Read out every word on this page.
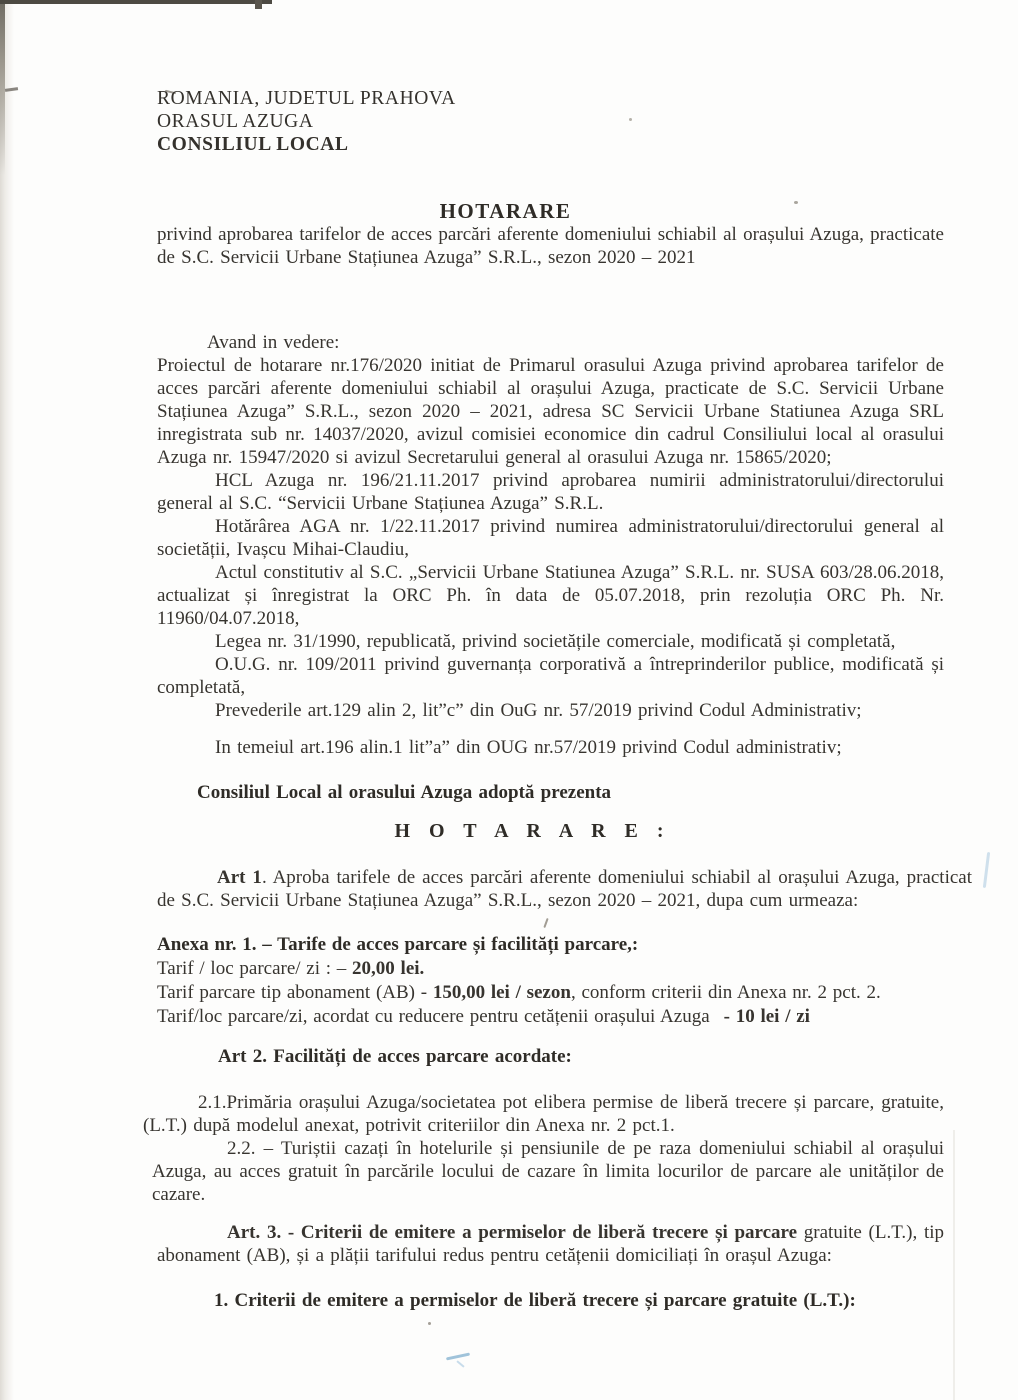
ROMANIA, JUDETUL PRAHOVA
ORASUL AZUGA
CONSILIUL LOCAL
HOTARARE

privind aprobarea tarifelor de acces parcări aferente domeniului schiabil al orașului Azuga, practicate de S.C. Servicii Urbane Stațiunea Azuga” S.R.L., sezon 2020 – 2021

Avand in vedere:

Proiectul de hotarare nr.176/2020 initiat de Primarul orasului Azuga privind aprobarea tarifelor de acces parcări aferente domeniului schiabil al orașului Azuga, practicate de S.C. Servicii Urbane Stațiunea Azuga” S.R.L., sezon 2020 – 2021, adresa SC Servicii Urbane Statiunea Azuga SRL inregistrata sub nr. 14037/2020, avizul comisiei economice din cadrul Consiliului local al orasului Azuga nr. 15947/2020 si avizul Secretarului general al orasului Azuga nr. 15865/2020;

HCL Azuga nr. 196/21.11.2017 privind aprobarea numirii administratorului/directorului general al S.C. “Servicii Urbane Stațiunea Azuga” S.R.L.

Hotărârea AGA nr. 1/22.11.2017 privind numirea administratorului/directorului general al societății, Ivașcu Mihai-Claudiu,

Actul constitutiv al S.C. „Servicii Urbane Statiunea Azuga” S.R.L. nr. SUSA 603/28.06.2018, actualizat și înregistrat la ORC Ph. în data de 05.07.2018, prin rezoluția ORC Ph. Nr. 11960/04.07.2018,

Legea nr. 31/1990, republicată, privind societățile comerciale, modificată și completată,

O.U.G. nr. 109/2011 privind guvernanța corporativă a întreprinderilor publice, modificată și completată,

Prevederile art.129 alin 2, lit”c” din OuG nr. 57/2019 privind Codul Administrativ;

In temeiul art.196 alin.1 lit”a” din OUG nr.57/2019 privind Codul administrativ;

Consiliul Local al orasului Azuga adoptă prezenta

H O T A R A R E :

Art 1. Aproba tarifele de acces parcări aferente domeniului schiabil al orașului Azuga, practicat de S.C. Servicii Urbane Stațiunea Azuga” S.R.L., sezon 2020 – 2021, dupa cum urmeaza:

Anexa nr. 1. – Tarife de acces parcare și facilități parcare,:

Tarif / loc parcare/ zi : – 20,00 lei.

Tarif parcare tip abonament (AB) - 150,00 lei / sezon, conform criterii din Anexa nr. 2 pct. 2.

Tarif/loc parcare/zi, acordat cu reducere pentru cetățenii orașului Azuga - 10 lei / zi

Art 2. Facilități de acces parcare acordate:

2.1.Primăria orașului Azuga/societatea pot elibera permise de liberă trecere și parcare, gratuite,(L.T.) după modelul anexat, potrivit criteriilor din Anexa nr. 2 pct.1.

2.2. – Turiștii cazați în hotelurile și pensiunile de pe raza domeniului schiabil al orașului Azuga, au acces gratuit în parcările locului de cazare în limita locurilor de parcare ale unităților de cazare.

Art. 3. - Criterii de emitere a permiselor de liberă trecere și parcare gratuite (L.T.), tip abonament (AB), și a plății tarifului redus pentru cetățenii domiciliați în orașul Azuga:

1. Criterii de emitere a permiselor de liberă trecere și parcare gratuite (L.T.):
